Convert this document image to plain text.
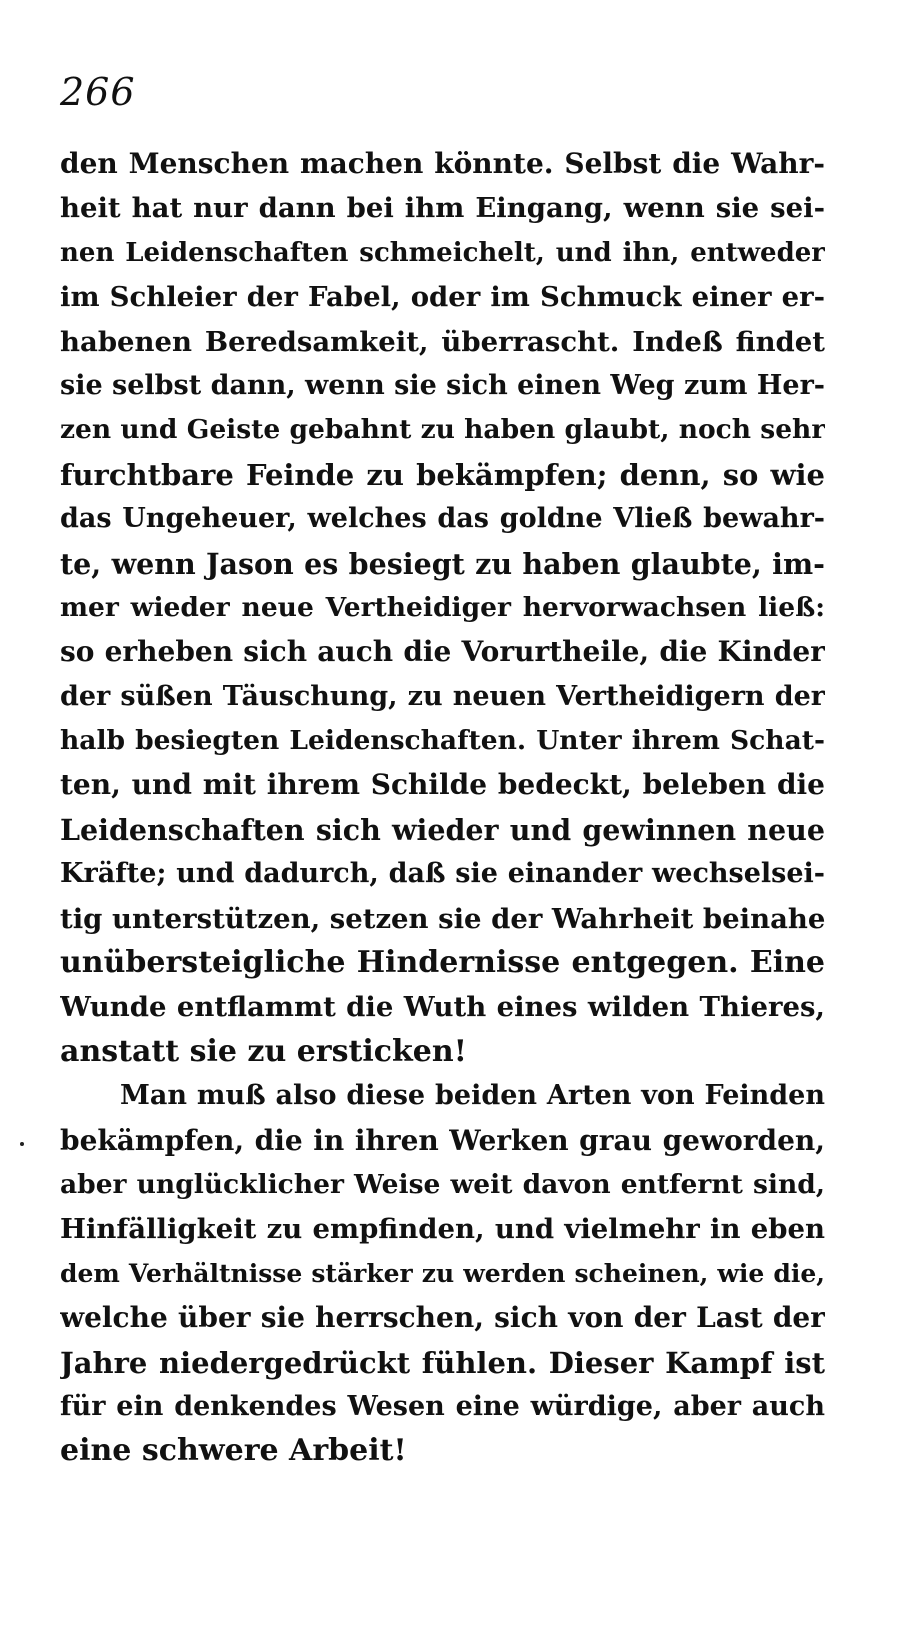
266
den Menschen machen könnte. Selbst die Wahr-
heit hat nur dann bei ihm Eingang, wenn sie sei-
nen Leidenschaften schmeichelt, und ihn, entweder
im Schleier der Fabel, oder im Schmuck einer er-
habenen Beredsamkeit, überrascht. Indeß findet
sie selbst dann, wenn sie sich einen Weg zum Her-
zen und Geiste gebahnt zu haben glaubt, noch sehr
furchtbare Feinde zu bekämpfen; denn, so wie
das Ungeheuer, welches das goldne Vließ bewahr-
te, wenn Jason es besiegt zu haben glaubte, im-
mer wieder neue Vertheidiger hervorwachsen ließ:
so erheben sich auch die Vorurtheile, die Kinder
der süßen Täuschung, zu neuen Vertheidigern der
halb besiegten Leidenschaften. Unter ihrem Schat-
ten, und mit ihrem Schilde bedeckt, beleben die
Leidenschaften sich wieder und gewinnen neue
Kräfte; und dadurch, daß sie einander wechselsei-
tig unterstützen, setzen sie der Wahrheit beinahe
unübersteigliche Hindernisse entgegen. Eine
Wunde entflammt die Wuth eines wilden Thieres,
anstatt sie zu ersticken!
Man muß also diese beiden Arten von Feinden
bekämpfen, die in ihren Werken grau geworden,
aber unglücklicher Weise weit davon entfernt sind,
Hinfälligkeit zu empfinden, und vielmehr in eben
dem Verhältnisse stärker zu werden scheinen, wie die,
welche über sie herrschen, sich von der Last der
Jahre niedergedrückt fühlen. Dieser Kampf ist
für ein denkendes Wesen eine würdige, aber auch
eine schwere Arbeit!
